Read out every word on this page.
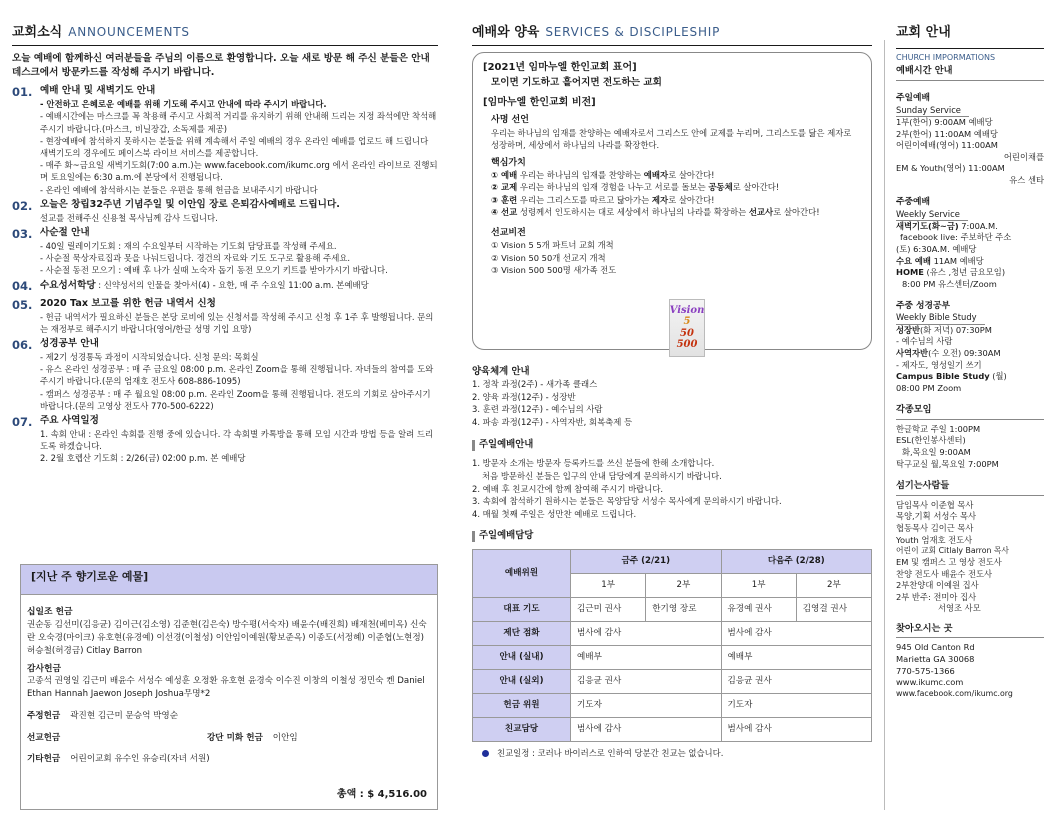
교회소식 ANNOUNCEMENTS
오늘 예배에 함께하신 여러분들을 주님의 이름으로 환영합니다. 오늘 새로 방문 해 주신 분들은 안내 데스크에서 방문카드를 작성해 주시기 바랍니다.
01. 예배 안내 및 새벽기도 안내
- 안전하고 은혜로운 예배를 위해 기도해 주시고 안내에 따라 주시기 바랍니다.
- 예배시간에는 마스크를 꼭 착용해 주시고 사회적 거리를 유지하기 위해 안내해 드리는 지정 좌석에만 착석해 주시기 바랍니다.(마스크, 비닐장갑, 소독제를 제공)
- 현장예배에 참석하지 못하시는 분들을 위해 계속해서 주일 예배의 경우 온라인 예배를 업로드 해 드립니다 새벽기도의 경우에도 페이스북 라이브 서비스를 제공합니다.
- 매주 화~금요일 새벽기도회(7:00 a.m.)는 www.facebook.com/ikumc.org 에서 온라인 라이브로 진행되며 토요일에는 6:30 a.m.에 본당에서 진행됩니다.
- 온라인 예배에 참석하시는 분들은 우편을 통해 헌금을 보내주시기 바랍니다
02. 오늘은 창립32주년 기념주일 및 이안임 장로 은퇴감사예배로 드립니다.
설교를 전해주신 신용철 목사님께 감사 드립니다.
03. 사순절 안내
- 40일 릴레이기도회 : 재의 수요일부터 시작하는 기도회 담당표를 작성해 주세요.
- 사순절 묵상자료집과 못을 나눠드립니다. 경건의 자료와 기도 도구로 활용해 주세요.
- 사순절 동전 모으기 : 예배 후 나가 실때 노숙자 돕기 동전 모으기 키트를 받아가시기 바랍니다.
04. 수요성서학당 : 신약성서의 인물을 찾아서(4) - 요한, 매 주 수요일 11:00 a.m. 본예배당
05. 2020 Tax 보고를 위한 헌금 내역서 신청
- 헌금 내역서가 필요하신 분들은 본당 로비에 있는 신청서를 작성해 주시고 신청 후 1주 후 발행됩니다. 문의는 재정부로 해주시기 바랍니다(영어/한글 성명 기입 요망)
06. 성경공부 안내
- 제2기 성경통독 과정이 시작되었습니다. 신청 문의: 목회실
- 유스 온라인 성경공부 : 매 주 금요일 08:00 p.m. 온라인 Zoom을 통해 진행됩니다. 자녀들의 참여를 도와 주시기 바랍니다.(문의 엄재호 전도사 608-886-1095)
- 캠퍼스 성경공부 : 매 주 월요일 08:00 p.m. 온라인 Zoom을 통해 진행됩니다. 전도의 기회로 삼아주시기 바랍니다.(문의 고영상 전도사 770-500-6222)
07. 주요 사역일정
1. 속회 안내 : 온라인 속회를 진행 중에 있습니다. 각 속회별 카톡방을 통해 모임 시간과 방법 등을 알려 드리도록 하겠습니다.
2. 2월 호렙산 기도회 : 2/26(금) 02:00 p.m. 본 예배당
[지난 주 향기로운 예물]
십일조 헌금
권순동 김선미(김응균) 김이근(김소영) 김준현(김은숙) 방수평(서숙자) 배윤수(배진희) 배재천(베미옥) 신숙란 오숙경(마이크) 유호현(유경예) 이선경(이철성) 이안임이예원(황보준옥) 이종도(서정혜) 이준협(노현정) 허승철(허경금) Citlay Barron
감사헌금
고종석 권영일 김근미 배윤수 서성수 예성훈 오정환 유호현 윤경숙 이수진 이창의 이철성 정민숙 켄 Daniel Ethan Hannah Jaewon Joseph Joshua무명*2
주정헌금 곽진현 김근미 문승억 박영순
선교헌금	강단 미화 헌금 이안임
기타헌금 어린이교회 유수인 유승리(자녀 서원)
총액 : $ 4,516.00
예배와 양육 SERVICES & DISCIPLESHIP
[2021년 임마누엘 한인교회 표어]
모이면 기도하고 흩어지면 전도하는 교회
[임마누엘 한인교회 비전]
사명 선언
우리는 하나님의 임재를 찬양하는 예배자로서 그리스도 안에 교제를 누리며, 그리스도를 닮은 제자로 성장하며, 세상에서 하나님의 나라를 확장한다.
핵심가치
① 예배 우리는 하나님의 임재를 찬양하는 예배자로 살아간다!
② 교제 우리는 하나님의 임재 경험을 나누고 서로를 돌보는 공동체로 살아간다!
③ 훈련 우리는 그리스도를 따르고 닮아가는 제자로 살아간다!
④ 선교 성령께서 인도하시는 대로 세상에서 하나님의 나라를 확장하는 선교사로 살아간다!
선교비전
① Vision 5 5개 파트너 교회 개척
② Vision 50 50개 선교지 개척
③ Vision 500 500명 새가족 전도
Vision
5
50
500
양육체계 안내
1. 정착 과정(2주) - 새가족 클래스
2. 양육 과정(12주) - 성장반
3. 훈련 과정(12주) - 예수님의 사람
4. 파송 과정(12주) - 사역자반, 회복축제 등
주일예배안내
1. 방문자 소개는 방문자 등록카드를 쓰신 분들에 한해 소개합니다.
처음 방문하신 분들은 입구의 안내 담당에게 문의하시기 바랍니다.
2. 예배 후 친교시간에 함께 참여해 주시기 바랍니다.
3. 속회에 참석하기 원하시는 분들은 목양담당 서성수 목사에게 문의하시기 바랍니다.
4. 매월 첫째 주일은 성만찬 예배로 드립니다.
주일예배담당
예배위원	금주 (2/21)		다음주 (2/28)	
	1부	2부	1부	2부
대표 기도	김근미 권사	한기영 장로	유경예 권사	김영걸 권사
제단 점화	범사에 감사		범사에 감사	
안내 (실내)	예배부		예배부	
안내 (실외)	김응균 권사		김응균 권사	
헌금 위원	기도자		기도자	
친교담당	범사에 감사		범사에 감사	
친교일정 : 코러나 바이러스로 인하여 당분간 친교는 없습니다.
교회 안내
CHURCH IMPORMATIONS
예배시간 안내
주일예배
Sunday Service
1부(한어) 9:00AM 예배당
2부(한어) 11:00AM 예배당
어린이예배(영어) 11:00AM
어린이채플
EM & Youth(영어) 11:00AM
유스 센타
주중예배
Weekly Service
새벽기도(화~금) 7:00A.M.
facebook live: 주보하단 주소
(토) 6:30A.M. 예배당
수요 예배 11AM 예배당
HOME (유스 ,청년 금요모임)
8:00 PM 유스센터/Zoom
주중 성경공부
Weekly Bible Study
성장반(화 저녁) 07:30PM
- 예수님의 사람
사역자반(수 오전) 09:30AM
- 제자도, 영성일기 쓰기
Campus Bible Study (월)
08:00 PM Zoom
각종모임
한글학교 주일 1:00PM
ESL(한인봉사센터)
화,목요일 9:00AM
탁구교실 월,목요일 7:00PM
섬기는사람들
담임목사 이준협 목사
목양,기획 서성수 목사
협동목사 김이근 목사
Youth 엄재호 전도사
어린이 교회 Citlaly Barron 목사
EM 및 캠퍼스 고 영상 전도사
찬양 전도사 배윤수 전도사
2부찬양대 이예원 집사
2부 반주: 전미아 집사
서영조 사모
찾아오시는 곳
945 Old Canton Rd
Marietta GA 30068
770-575-1366
www.ikumc.com
www.facebook.com/ikumc.org
